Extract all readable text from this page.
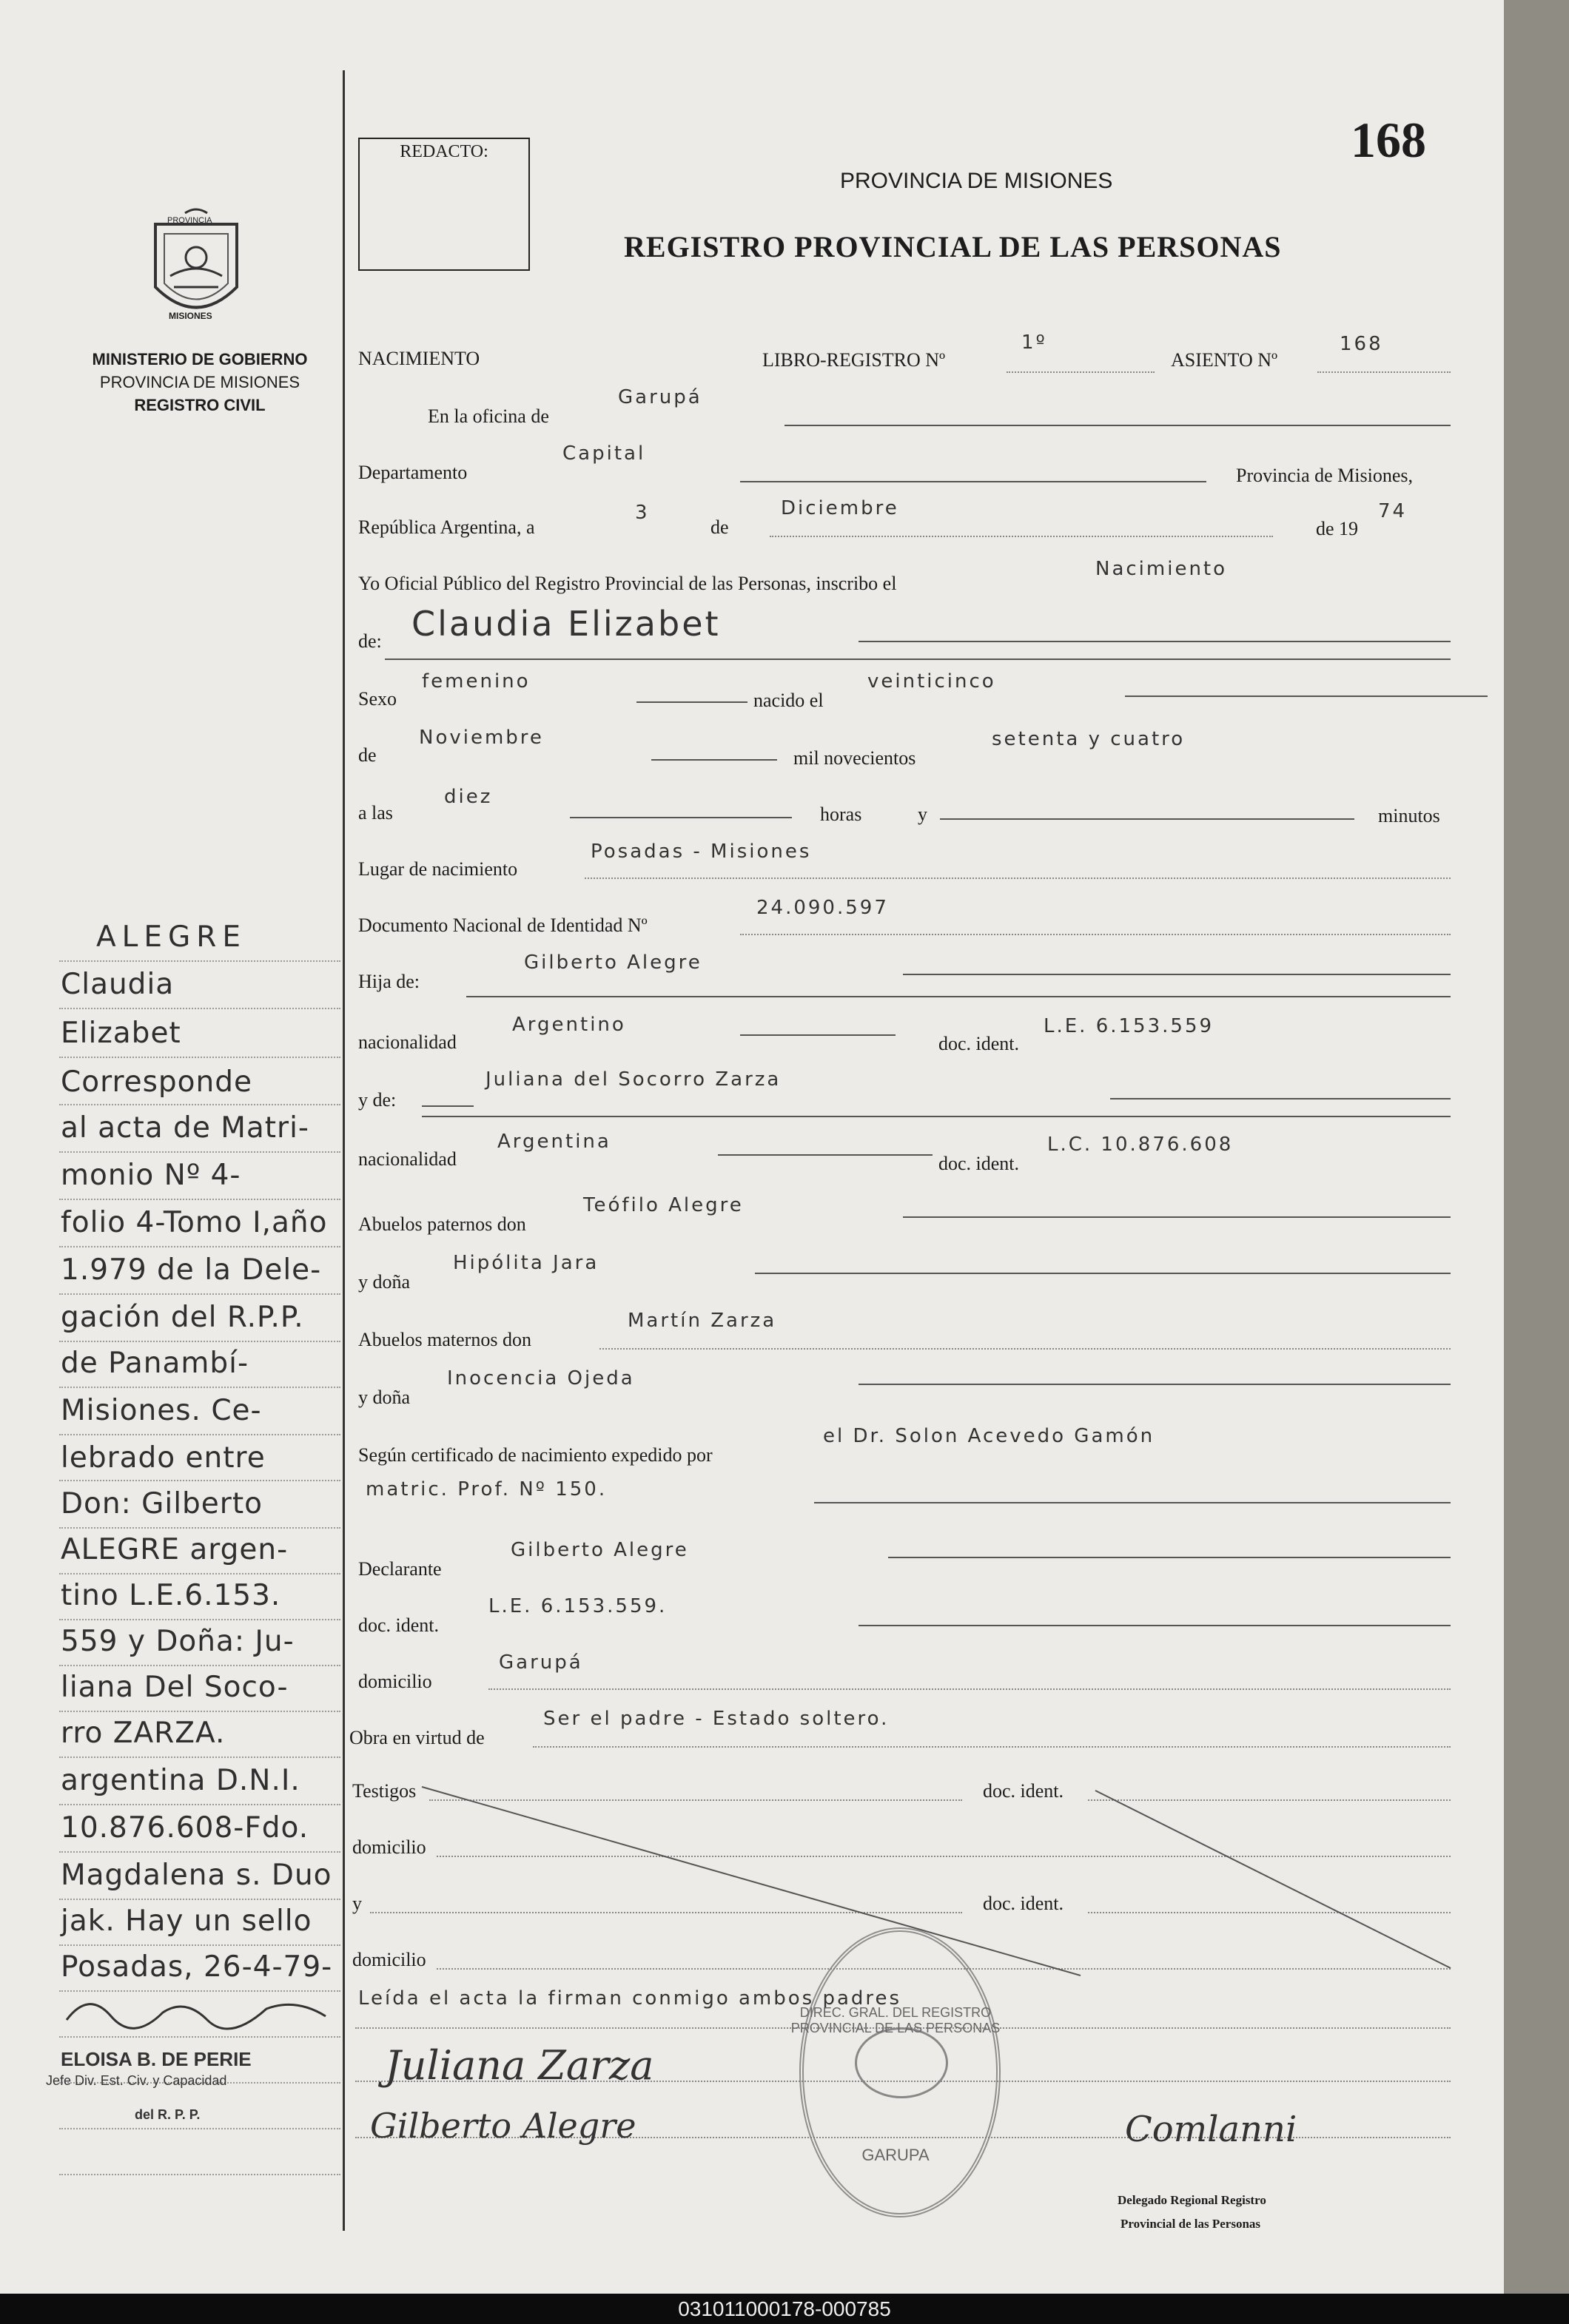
PROVINCIA
MISIONES
MINISTERIO DE GOBIERNO
PROVINCIA DE MISIONES
REGISTRO CIVIL
REDACTO:	168
PROVINCIA DE MISIONES
REGISTRO PROVINCIAL DE LAS PERSONAS
NACIMIENTO	LIBRO-REGISTRO Nº
1º
ASIENTO Nº
168
En la oficina de
Garupá
Departamento
Capital
Provincia de Misiones,
República Argentina, a
3
de
Diciembre
de 19
74
Yo Oficial Público del Registro Provincial de las Personas, inscribo el
Nacimiento
de: Claudia Elizabet
Sexo
femenino
nacido el
veinticinco
de
Noviembre
mil novecientos
setenta y cuatro
a las
diez
horas	y	minutos
Lugar de nacimiento
Posadas - Misiones
Documento Nacional de Identidad Nº
24.090.597
Hija de:
Gilberto Alegre
nacionalidad
Argentino
doc. ident.
L.E. 6.153.559
y de:
Juliana del Socorro Zarza
nacionalidad
Argentina
doc. ident.
L.C. 10.876.608
Abuelos paternos don
Teófilo Alegre
y doña
Hipólita Jara
Abuelos maternos don
Martín Zarza
y doña
Inocencia Ojeda
Según certificado de nacimiento expedido por
el Dr. Solon Acevedo Gamón
matric. Prof. Nº 150.
Declarante
Gilberto Alegre
doc. ident.
L.E. 6.153.559.
domicilio
Garupá
Obra en virtud de
Ser el padre - Estado soltero.
Testigos	doc. ident.
domicilio
y	doc. ident.
domicilio
Leída el acta la firman conmigo ambos padres
DIREC. GRAL. DEL REGISTRO PROVINCIAL DE LAS PERSONAS
GARUPA
Juliana Zarza
Gilberto Alegre	Comlanni
Delegado Regional Registro
Provincial de las Personas
ALEGRE
Claudia
Elizabet
Corresponde
al acta de Matri-
monio Nº 4-
folio 4-Tomo I,año
1.979 de la Dele-
gación del R.P.P.
de Panambí-
Misiones. Ce-
lebrado entre
Don: Gilberto
ALEGRE argen-
tino L.E.6.153.
559 y Doña: Ju-
liana Del Soco-
rro ZARZA.
argentina D.N.I.
10.876.608-Fdo.
Magdalena s. Duo
jak. Hay un sello
Posadas, 26-4-79-
ELOISA B. DE PERIE
Jefe Div. Est. Civ. y Capacidad
del R. P. P.
031011000178-000785
